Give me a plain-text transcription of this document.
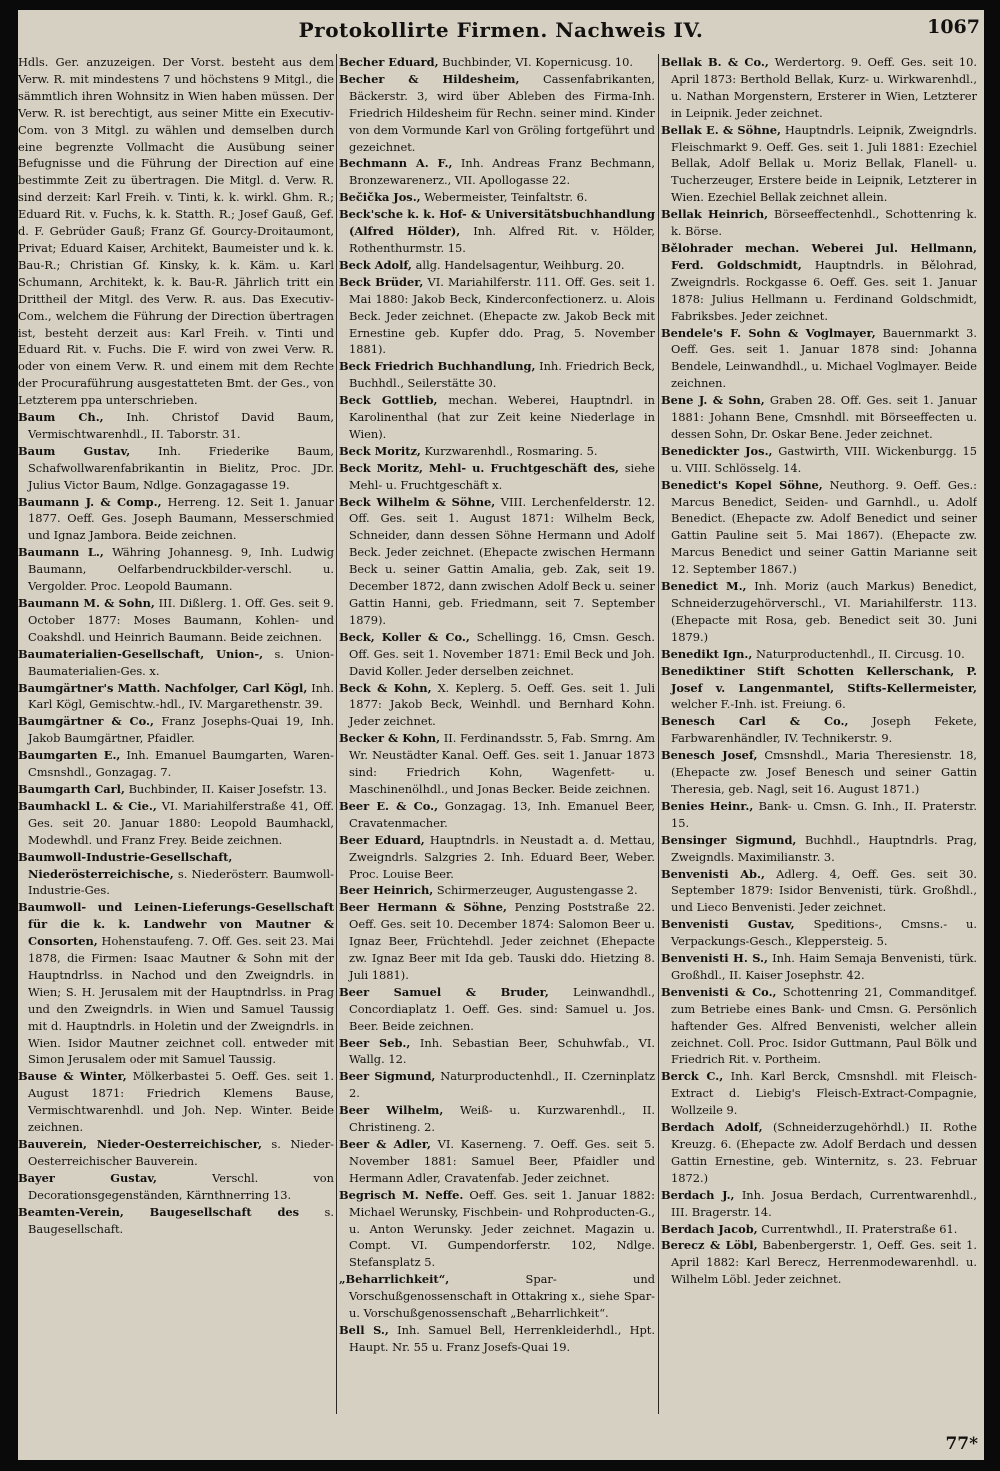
Protokollirte Firmen. Nachweis IV.	1067

Hdls. Ger. anzuzeigen. Der Vorst. besteht aus dem Verw. R. mit mindestens 7 und höchstens 9 Mitgl., die sämmtlich ihren Wohnsitz in Wien haben müssen. Der Verw. R. ist berechtigt, aus seiner Mitte ein Executiv-Com. von 3 Mitgl. zu wählen und demselben durch eine begrenzte Vollmacht die Ausübung seiner Befugnisse und die Führung der Direction auf eine bestimmte Zeit zu übertragen. Die Mitgl. d. Verw. R. sind derzeit: Karl Freih. v. Tinti, k. k. wirkl. Ghm. R.; Eduard Rit. v. Fuchs, k. k. Statth. R.; Josef Gauß, Gef. d. F. Gebrüder Gauß; Franz Gf. Gourcy-Droitaumont, Privat; Eduard Kaiser, Architekt, Baumeister und k. k. Bau-R.; Christian Gf. Kinsky, k. k. Käm. u. Karl Schumann, Architekt, k. k. Bau-R. Jährlich tritt ein Drittheil der Mitgl. des Verw. R. aus. Das Executiv-Com., welchem die Führung der Direction übertragen ist, besteht derzeit aus: Karl Freih. v. Tinti und Eduard Rit. v. Fuchs. Die F. wird von zwei Verw. R. oder von einem Verw. R. und einem mit dem Rechte der Procuraführung ausgestatteten Bmt. der Ges., von Letzterem ppa unterschrieben.

Baum Ch., Inh. Christof David Baum, Vermischtwarenhdl., II. Taborstr. 31.

Baum Gustav, Inh. Friederike Baum, Schafwollwarenfabrikantin in Bielitz, Proc. JDr. Julius Victor Baum, Ndlge. Gonzagagasse 19.

Baumann J. & Comp., Herreng. 12. Seit 1. Januar 1877. Oeff. Ges. Joseph Baumann, Messerschmied und Ignaz Jambora. Beide zeichnen.

Baumann L., Währing Johannesg. 9, Inh. Ludwig Baumann, Oelfarbendruckbilder-verschl. u. Vergolder. Proc. Leopold Baumann.

Baumann M. & Sohn, III. Dißlerg. 1. Off. Ges. seit 9. October 1877: Moses Baumann, Kohlen- und Coakshdl. und Heinrich Baumann. Beide zeichnen.

Baumaterialien-Gesellschaft, Union-, s. Union-Baumaterialien-Ges. x.

Baumgärtner's Matth. Nachfolger, Carl Kögl, Inh. Karl Kögl, Gemischtw.-hdl., IV. Margarethenstr. 39.

Baumgärtner & Co., Franz Josephs-Quai 19, Inh. Jakob Baumgärtner, Pfaidler.

Baumgarten E., Inh. Emanuel Baumgarten, Waren-Cmsnshdl., Gonzagag. 7.

Baumgarth Carl, Buchbinder, II. Kaiser Josefstr. 13.

Baumhackl L. & Cie., VI. Mariahilferstraße 41, Off. Ges. seit 20. Januar 1880: Leopold Baumhackl, Modewhdl. und Franz Frey. Beide zeichnen.

Baumwoll-Industrie-Gesellschaft, Niederösterreichische, s. Niederösterr. Baumwoll-Industrie-Ges.

Baumwoll- und Leinen-Lieferungs-Gesellschaft für die k. k. Landwehr von Mautner & Consorten, Hohenstaufeng. 7. Off. Ges. seit 23. Mai 1878, die Firmen: Isaac Mautner & Sohn mit der Hauptndrlss. in Nachod und den Zweigndrls. in Wien; S. H. Jerusalem mit der Hauptndrlss. in Prag und den Zweigndrls. in Wien und Samuel Taussig mit d. Hauptndrls. in Holetin und der Zweigndrls. in Wien. Isidor Mautner zeichnet coll. entweder mit Simon Jerusalem oder mit Samuel Taussig.

Bause & Winter, Mölkerbastei 5. Oeff. Ges. seit 1. August 1871: Friedrich Klemens Bause, Vermischtwarenhdl. und Joh. Nep. Winter. Beide zeichnen.

Bauverein, Nieder-Oesterreichischer, s. Nieder-Oesterreichischer Bauverein.

Bayer Gustav,	Verschl. von Decorationsgegenständen, Kärnthnerring 13.

Beamten-Verein, Baugesellschaft des s. Baugesellschaft.

Becher Eduard, Buchbinder, VI. Kopernicusg. 10.

Becher & Hildesheim, Cassenfabrikanten, Bäckerstr. 3, wird über Ableben des Firma-Inh. Friedrich Hildesheim für Rechn. seiner mind. Kinder von dem Vormunde Karl von Gröling fortgeführt und gezeichnet.

Bechmann A. F., Inh. Andreas Franz Bechmann, Bronzewarenerz., VII. Apollogasse 22.

Bečička Jos., Webermeister, Teinfaltstr. 6.

Beck'sche k. k. Hof- & Universitätsbuchhandlung (Alfred Hölder), Inh. Alfred Rit. v. Hölder, Rothenthurmstr. 15.

Beck Adolf, allg. Handelsagentur, Weihburg. 20.

Beck Brüder, VI. Mariahilferstr. 111. Off. Ges. seit 1. Mai 1880: Jakob Beck, Kinderconfectionerz. u. Alois Beck. Jeder zeichnet. (Ehepacte zw. Jakob Beck mit Ernestine geb. Kupfer ddo. Prag, 5. November 1881).

Beck Friedrich Buchhandlung, Inh. Friedrich Beck, Buchhdl., Seilerstätte 30.

Beck Gottlieb, mechan. Weberei, Hauptndrl. in Karolinenthal (hat zur Zeit keine Niederlage in Wien).

Beck Moritz, Kurzwarenhdl., Rosmaring. 5.

Beck Moritz, Mehl- u. Fruchtgeschäft des, siehe Mehl- u. Fruchtgeschäft x.

Beck Wilhelm & Söhne, VIII. Lerchenfelderstr. 12. Off. Ges. seit 1. August 1871: Wilhelm Beck, Schneider, dann dessen Söhne Hermann und Adolf Beck. Jeder zeichnet. (Ehepacte zwischen Hermann Beck u. seiner Gattin Amalia, geb. Zak, seit 19. December 1872, dann zwischen Adolf Beck u. seiner Gattin Hanni, geb. Friedmann, seit 7. September 1879).

Beck, Koller & Co., Schellingg. 16, Cmsn. Gesch. Off. Ges. seit 1. November 1871: Emil Beck und Joh. David Koller. Jeder derselben zeichnet.

Beck & Kohn, X. Keplerg. 5. Oeff. Ges. seit 1. Juli 1877: Jakob Beck, Weinhdl. und Bernhard Kohn. Jeder zeichnet.

Becker & Kohn, II. Ferdinandsstr. 5, Fab. Smrng. Am Wr. Neustädter Kanal. Oeff. Ges. seit 1. Januar 1873 sind: Friedrich Kohn, Wagenfett- u. Maschinenölhdl., und Jonas Becker. Beide zeichnen.

Beer E. & Co., Gonzagag. 13, Inh. Emanuel Beer, Cravatenmacher.

Beer Eduard, Hauptndrls. in Neustadt a. d. Mettau, Zweigndrls. Salzgries 2. Inh. Eduard Beer, Weber. Proc. Louise Beer.

Beer Heinrich, Schirmerzeuger, Augustengasse 2.

Beer Hermann & Söhne, Penzing Poststraße 22. Oeff. Ges. seit 10. December 1874: Salomon Beer u. Ignaz Beer, Früchtehdl. Jeder zeichnet (Ehepacte zw. Ignaz Beer mit Ida geb. Tauski ddo. Hietzing 8. Juli 1881).

Beer Samuel & Bruder, Leinwandhdl., Concordiaplatz 1. Oeff. Ges. sind: Samuel u. Jos. Beer. Beide zeichnen.

Beer Seb., Inh. Sebastian Beer, Schuhwfab., VI. Wallg. 12.

Beer Sigmund, Naturproductenhdl., II. Czerninplatz 2.

Beer Wilhelm, Weiß- u. Kurzwarenhdl., II. Christineng. 2.

Beer & Adler, VI. Kaserneng. 7. Oeff. Ges. seit 5. November 1881: Samuel Beer, Pfaidler und Hermann Adler, Cravatenfab. Jeder zeichnet.

Begrisch M. Neffe. Oeff. Ges. seit 1. Januar 1882: Michael Werunsky, Fischbein- und Rohproducten-G., u. Anton Werunsky. Jeder zeichnet. Magazin u. Compt. VI. Gumpendorferstr. 102, Ndlge. Stefansplatz 5.

„Beharrlichkeit“,	Spar- und Vorschußgenossenschaft in Ottakring x., siehe Spar- u. Vorschußgenossenschaft „Beharrlichkeit“.

Bell S., Inh. Samuel Bell, Herrenkleiderhdl., Hpt. Haupt. Nr. 55 u. Franz Josefs-Quai 19.

Bellak B. & Co., Werdertorg. 9. Oeff. Ges. seit 10. April 1873: Berthold Bellak, Kurz- u. Wirkwarenhdl., u. Nathan Morgenstern, Ersterer in Wien, Letzterer in Leipnik. Jeder zeichnet.

Bellak E. & Söhne, Hauptndrls. Leipnik, Zweigndrls. Fleischmarkt 9. Oeff. Ges. seit 1. Juli 1881: Ezechiel Bellak, Adolf Bellak u. Moriz Bellak, Flanell- u. Tucherzeuger, Erstere beide in Leipnik, Letzterer in Wien. Ezechiel Bellak zeichnet allein.

Bellak Heinrich, Börseeffectenhdl., Schottenring k. k. Börse.

Bělohrader mechan. Weberei Jul. Hellmann, Ferd. Goldschmidt, Hauptndrls. in Bělohrad, Zweigndrls. Rockgasse 6. Oeff. Ges. seit 1. Januar 1878: Julius Hellmann u. Ferdinand Goldschmidt, Fabriksbes. Jeder zeichnet.

Bendele's F. Sohn & Voglmayer, Bauernmarkt 3. Oeff. Ges. seit 1. Januar 1878 sind: Johanna Bendele, Leinwandhdl., u. Michael Voglmayer. Beide zeichnen.

Bene J. & Sohn, Graben 28. Off. Ges. seit 1. Januar 1881: Johann Bene, Cmsnhdl. mit Börseeffecten u. dessen Sohn, Dr. Oskar Bene. Jeder zeichnet.

Benedickter Jos., Gastwirth, VIII. Wickenburgg. 15 u. VIII. Schlösselg. 14.

Benedict's Kopel Söhne, Neuthorg. 9. Oeff. Ges.: Marcus Benedict, Seiden- und Garnhdl., u. Adolf Benedict. (Ehepacte zw. Adolf Benedict und seiner Gattin Pauline seit 5. Mai 1867). (Ehepacte zw. Marcus Benedict und seiner Gattin Marianne seit 12. September 1867.)

Benedict M., Inh. Moriz (auch Markus) Benedict, Schneiderzugehörverschl., VI. Mariahilferstr. 113. (Ehepacte mit Rosa, geb. Benedict seit 30. Juni 1879.)

Benedikt Ign., Naturproductenhdl., II. Circusg. 10.

Benediktiner Stift Schotten Kellerschank, P. Josef v. Langenmantel, Stifts-Kellermeister, welcher F.-Inh. ist. Freiung. 6.

Benesch Carl & Co., Joseph Fekete, Farbwarenhändler, IV. Technikerstr. 9.

Benesch Josef, Cmsnshdl., Maria Theresienstr. 18, (Ehepacte zw. Josef Benesch und seiner Gattin Theresia, geb. Nagl, seit 16. August 1871.)

Benies Heinr., Bank- u. Cmsn. G. Inh., II. Praterstr. 15.

Bensinger Sigmund, Buchhdl., Hauptndrls. Prag, Zweigndls. Maximilianstr. 3.

Benvenisti Ab., Adlerg. 4, Oeff. Ges. seit 30. September 1879: Isidor Benvenisti, türk. Großhdl., und Lieco Benvenisti. Jeder zeichnet.

Benvenisti Gustav, Speditions-, Cmsns.- u. Verpackungs-Gesch., Kleppersteig. 5.

Benvenisti H. S., Inh. Haim Semaja Benvenisti, türk. Großhdl., II. Kaiser Josephstr. 42.

Benvenisti & Co., Schottenring 21, Commanditgef. zum Betriebe eines Bank- und Cmsn. G. Persönlich haftender Ges. Alfred Benvenisti, welcher allein zeichnet. Coll. Proc. Isidor Guttmann, Paul Bölk und Friedrich Rit. v. Portheim.

Berck C., Inh. Karl Berck, Cmsnshdl. mit Fleisch-Extract d. Liebig's Fleisch-Extract-Compagnie, Wollzeile 9.

Berdach Adolf, (Schneiderzugehörhdl.) II. Rothe Kreuzg. 6. (Ehepacte zw. Adolf Berdach und dessen Gattin Ernestine, geb. Winternitz, s. 23. Februar 1872.)

Berdach J., Inh. Josua Berdach, Currentwarenhdl., III. Bragerstr. 14.

Berdach Jacob, Currentwhdl., II. Praterstraße 61.

Berecz & Löbl, Babenbergerstr. 1, Oeff. Ges. seit 1. April 1882: Karl Berecz, Herrenmodewarenhdl. u. Wilhelm Löbl. Jeder zeichnet.

77*
